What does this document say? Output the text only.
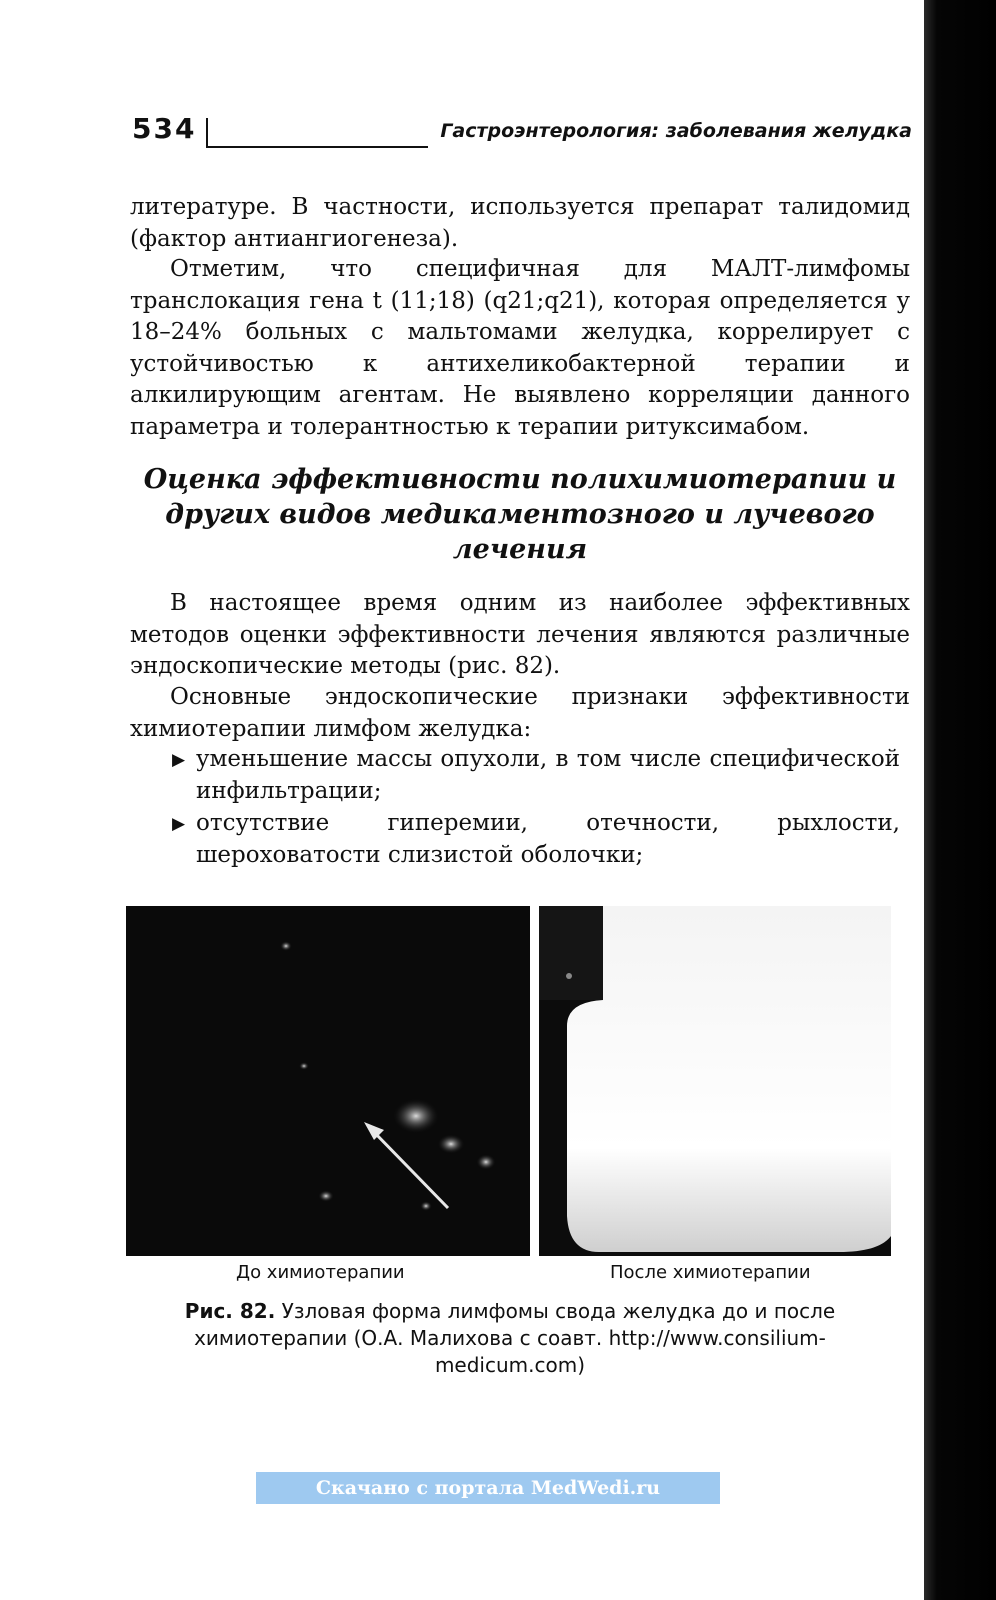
534	Гастроэнтерология: заболевания желудка

литературе. В частности, используется препарат талидомид (фактор антиангиогенеза).

Отметим, что специфичная для МАЛТ-лимфомы транслокация гена t (11;18) (q21;q21), которая определяется у 18–24% больных с мальтомами желудка, коррелирует с устойчивостью к антихеликобактерной терапии и алкилирующим агентам. Не выявлено корреляции данного параметра и толерантностью к терапии ритуксимабом.

Оценка эффективности полихимиотерапии и других видов медикаментозного и лучевого лечения

В настоящее время одним из наиболее эффективных методов оценки эффективности лечения являются различные эндоскопические методы (рис. 82).

Основные эндоскопические признаки эффективности химиотерапии лимфом желудка:

▶ уменьшение массы опухоли, в том числе специфической инфильтрации;
▶ отсутствие гиперемии, отечности, рыхлости, шероховатости слизистой оболочки;
До химиотерапии	После химиотерапии
Рис. 82. Узловая форма лимфомы свода желудка до и после химиотерапии (О.А. Малихова с соавт. http://www.consilium-medicum.com)
Скачано с портала MedWedi.ru
